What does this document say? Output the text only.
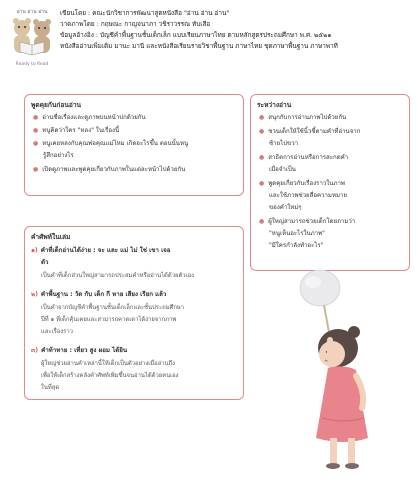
อ่าน อ่าน อ่าน
Ready to Read
เขียนโดย : คณะนักวิชาการพัฒนาสูตหนังสือ "อ่าน อ่าน อ่าน"
วาดภาพโดย : กฤษณะ กาญจนาภา วชิราวรรณ ทับเสือ
ข้อมูลอ้างอิง : บัญชีคำพื้นฐานชั้นเด็กเล็ก แบบเรียนภาษาไทย ตามหลักสูตรประถมศึกษา พ.ศ. ๒๕๒๑
หนังสืออ่านเพิ่มเติม มานะ มานี และหนังสือเรียนรายวิชาพื้นฐาน ภาษาไทย ชุดภาษาพื้นฐาน ภาษาพาที
พูดคุยกันก่อนอ่าน
● อ่านชื่อเรื่องและดูภาพบนหน้าปกด้วยกัน
● หนูคิดว่าใคร "หลง" ในเรื่องนี้
● หนูเคยหลงกับคุณพ่อคุณแม่ไหม เกิดอะไรขึ้น ตอนนั้นหนู
รู้สึกอย่างไร
● เปิดดูภาพและพูดคุยเกี่ยวกับภาพในแต่ละหน้าไปด้วยกัน
ระหว่างอ่าน
● สนุกกับการอ่านภาพไปด้วยกัน
● ชวนเด็กให้ใช้นิ้วชี้ตามคำที่อ่านจาก
ซ้ายไปขวา
● สาธิตการอ่านหรือการสะกดคำ
เมื่อจำเป็น
● พูดคุยเกี่ยวกับเรื่องราวในภาพ
และใช้ภาพช่วยสื่อความหมาย
ของคำใหม่ๆ
● ผู้ใหญ่สามารถช่วยเด็กโดยถามว่า
"หนูเห็นอะไรในภาพ"
"มีใครกำลังทำอะไร"
คำศัพท์ในเล่ม
๑) คำที่เด็กอ่านได้ง่าย : จะ และ แม่ ไม่ ใช่ เขา เจอ
ตัว
เป็นคำที่เด็กส่วนใหญ่สามารถประสมคำหรืออ่านได้ด้วยตัวเอง
๒) คำพื้นฐาน : วัด กับ เด็ก กี หาย เสียง เรียก แล้ว
เป็นคำจากบัญชีคำพื้นฐานชั้นเด็กเล็กและชั้นประถมศึกษา
ปีที่ ๑ ที่เด็กคุ้นเคยและสามารถคาดเดาได้ง่ายจากภาพ
และเรื่องราว
๓) คำท้าทาย : เที่ยว สูง ผอม ได้ยิน
ผู้ใหญ่ช่วยอ่านคำเหล่านี้ให้เด็กเป็นตัวอย่างเมื่ออ่านถึง
เพื่อให้เด็กสร้างคลังคำศัพท์เพิ่มขึ้นจนอ่านได้ด้วยตนเอง
ในที่สุด
